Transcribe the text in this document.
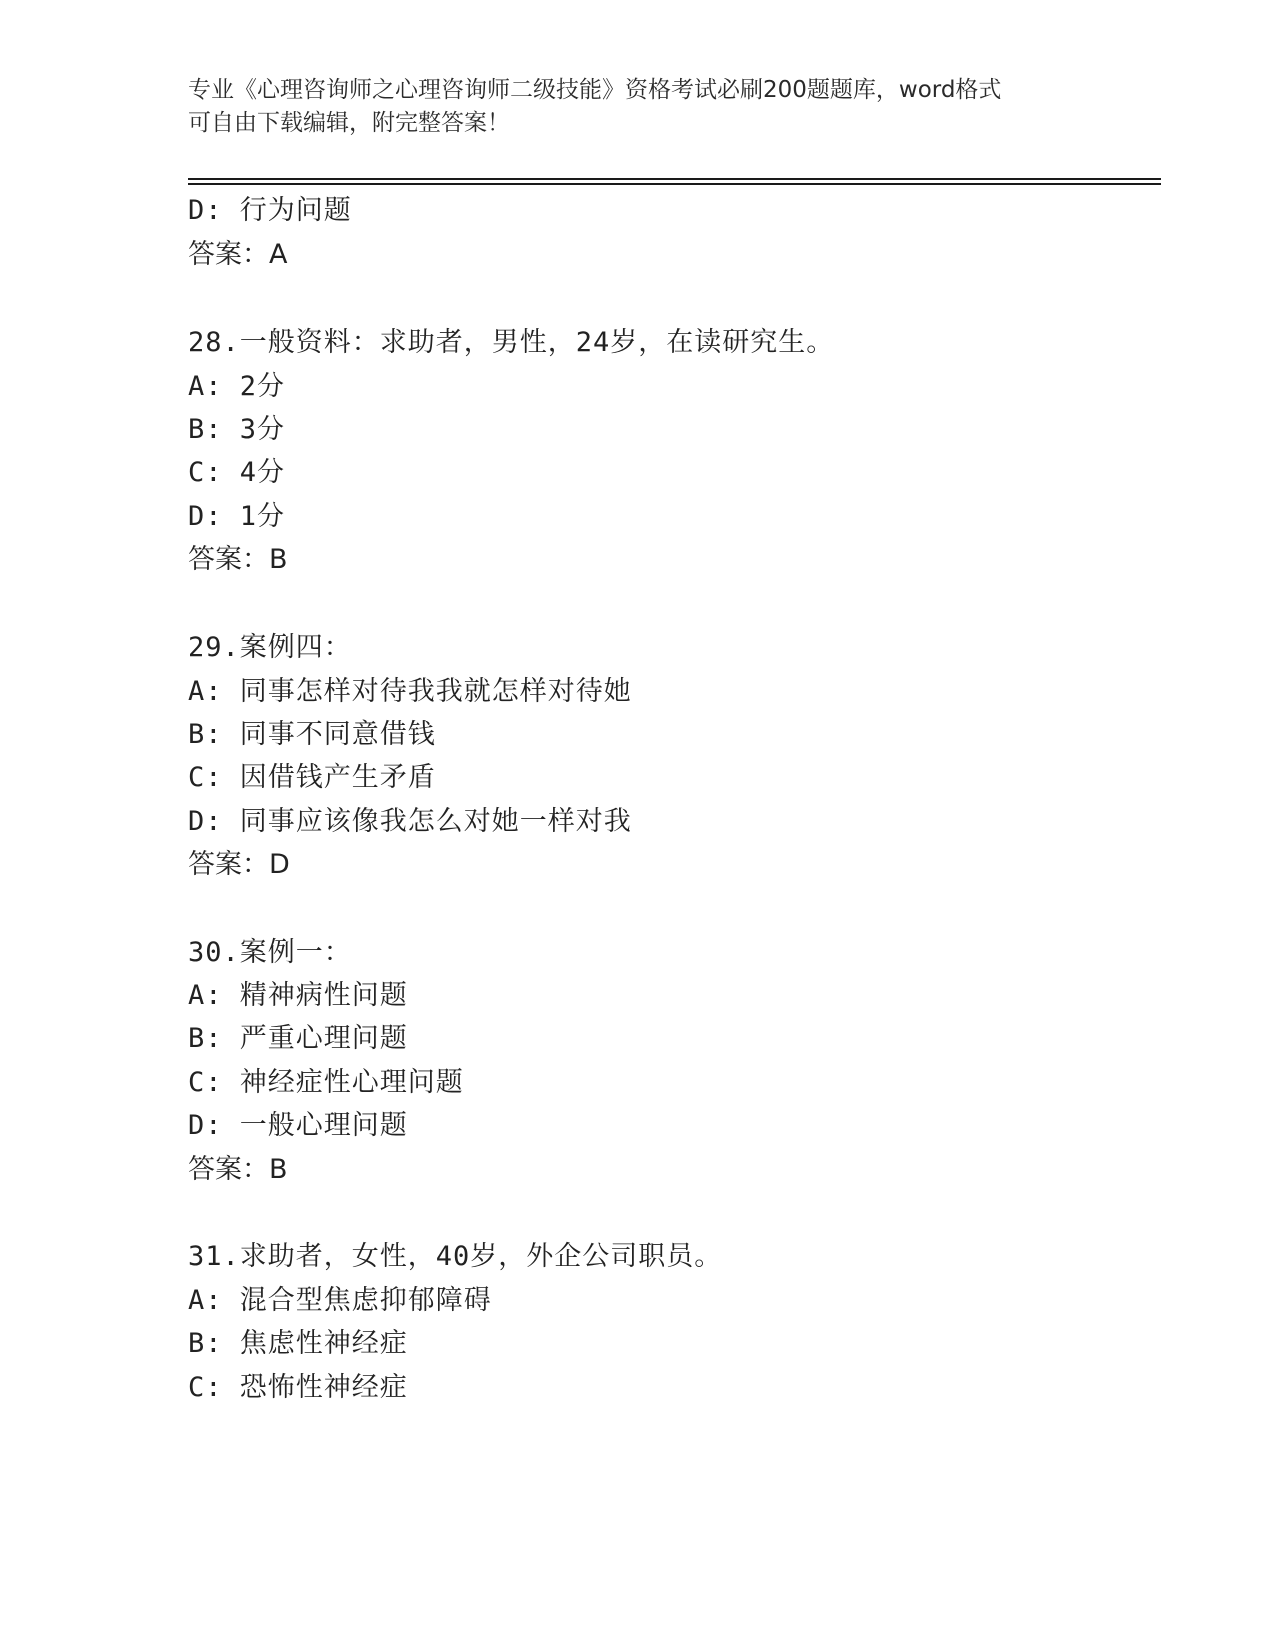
专业《心理咨询师之心理咨询师二级技能》资格考试必刷200题题库，word格式
可自由下载编辑，附完整答案！
D: 行为问题
答案：A
28.一般资料：求助者，男性，24岁，在读研究生。
A: 2分
B: 3分
C: 4分
D: 1分
答案：B
29.案例四：
A: 同事怎样对待我我就怎样对待她
B: 同事不同意借钱
C: 因借钱产生矛盾
D: 同事应该像我怎么对她一样对我
答案：D
30.案例一：
A: 精神病性问题
B: 严重心理问题
C: 神经症性心理问题
D: 一般心理问题
答案：B
31.求助者，女性，40岁，外企公司职员。
A: 混合型焦虑抑郁障碍
B: 焦虑性神经症
C: 恐怖性神经症
